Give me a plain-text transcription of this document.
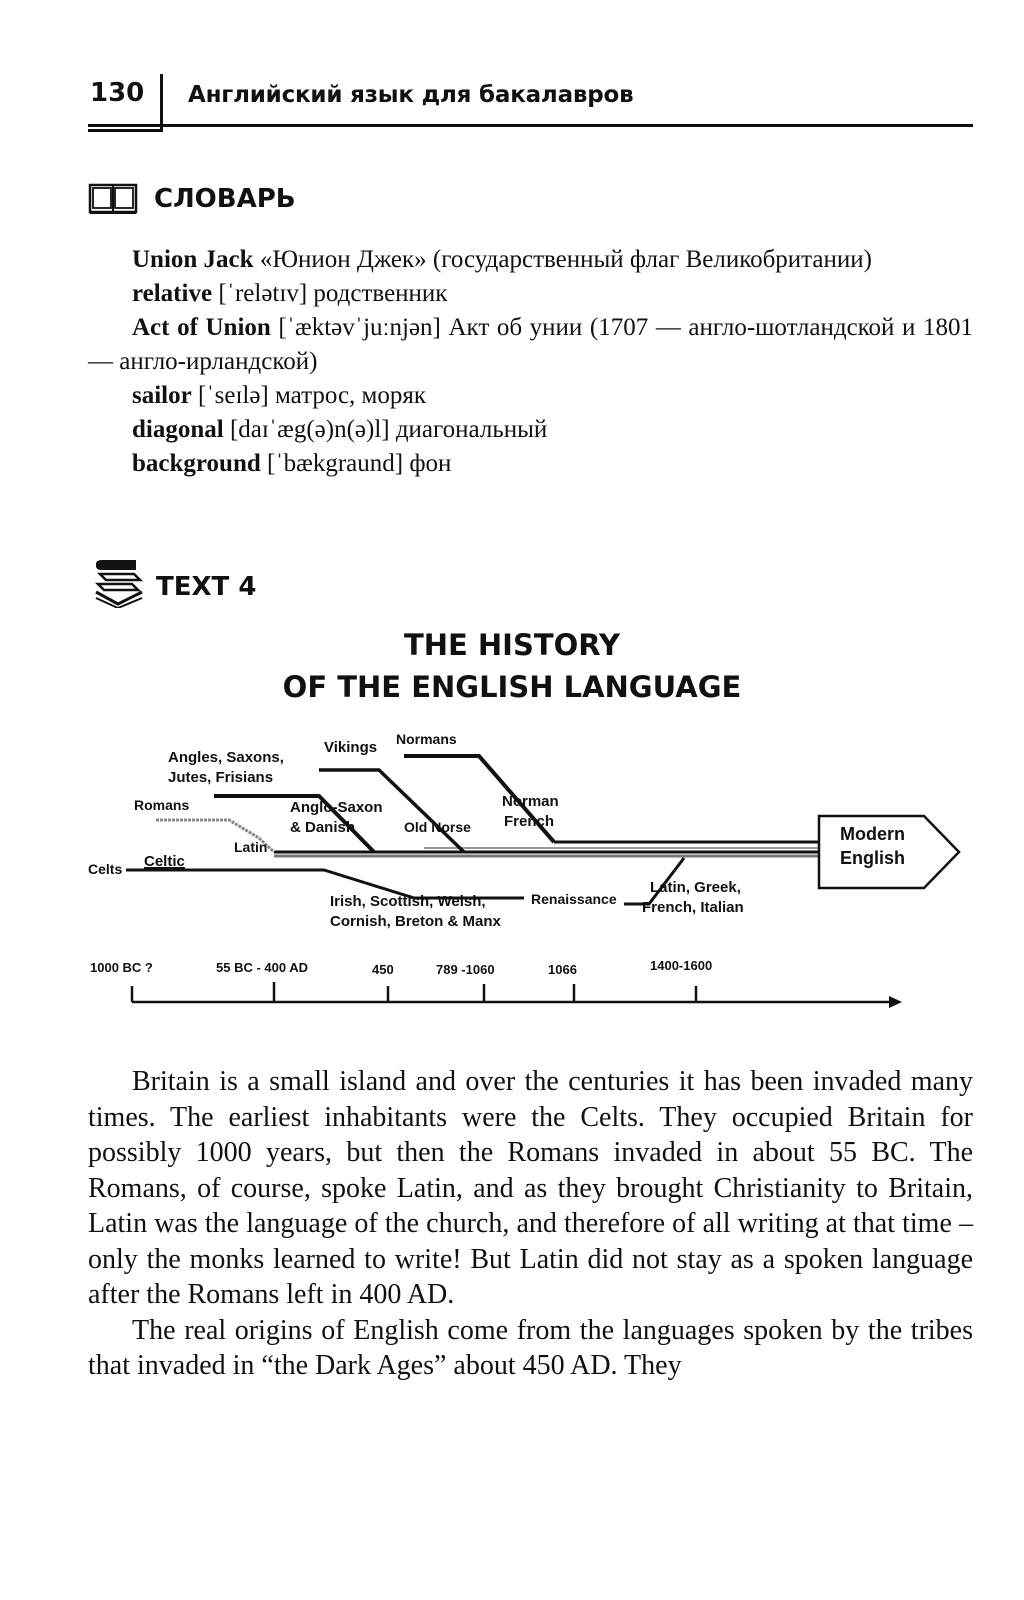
130 Английский язык для бакалавров
СЛОВАРЬ

Union Jack «Юнион Джек» (государственный флаг Великобритании)

relative [ˈrelətɪv] родственник

Act of Union [ˈæktəvˈjuːnjən] Акт об унии (1707 — англо-шотландской и 1801 — англо-ирландской)

sailor [ˈseɪlə] матрос, моряк

diagonal [daɪˈæg(ə)n(ə)l] диагональный

background [ˈbækgraund] фон

TEXT 4
THE HISTORY
OF THE ENGLISH LANGUAGE
Angles, Saxons,
Jutes, Frisians
Vikings Normans
Romans	Anglo-Saxon
& Danish	Old Norse
Norman
French
Latin
Celts Celtic
Irish, Scottish, Welsh,
Cornish, Breton & Manx
Renaissance
Latin, Greek,
French, Italian
Modern
English
1000 BC ?	55 BC - 400 AD	450	789 -1060	1066	1400-1600

Britain is a small island and over the centuries it has been invaded many times. The earliest inhabitants were the Celts. They occupied Britain for possibly 1000 years, but then the Romans invaded in about 55 BC. The Romans, of course, spoke Latin, and as they brought Christianity to Britain, Latin was the language of the church, and therefore of all writing at that time – only the monks learned to write! But Latin did not stay as a spoken language after the Romans left in 400 AD.

The real origins of English come from the languages spoken by the tribes that invaded in “the Dark Ages” about 450 AD. They
